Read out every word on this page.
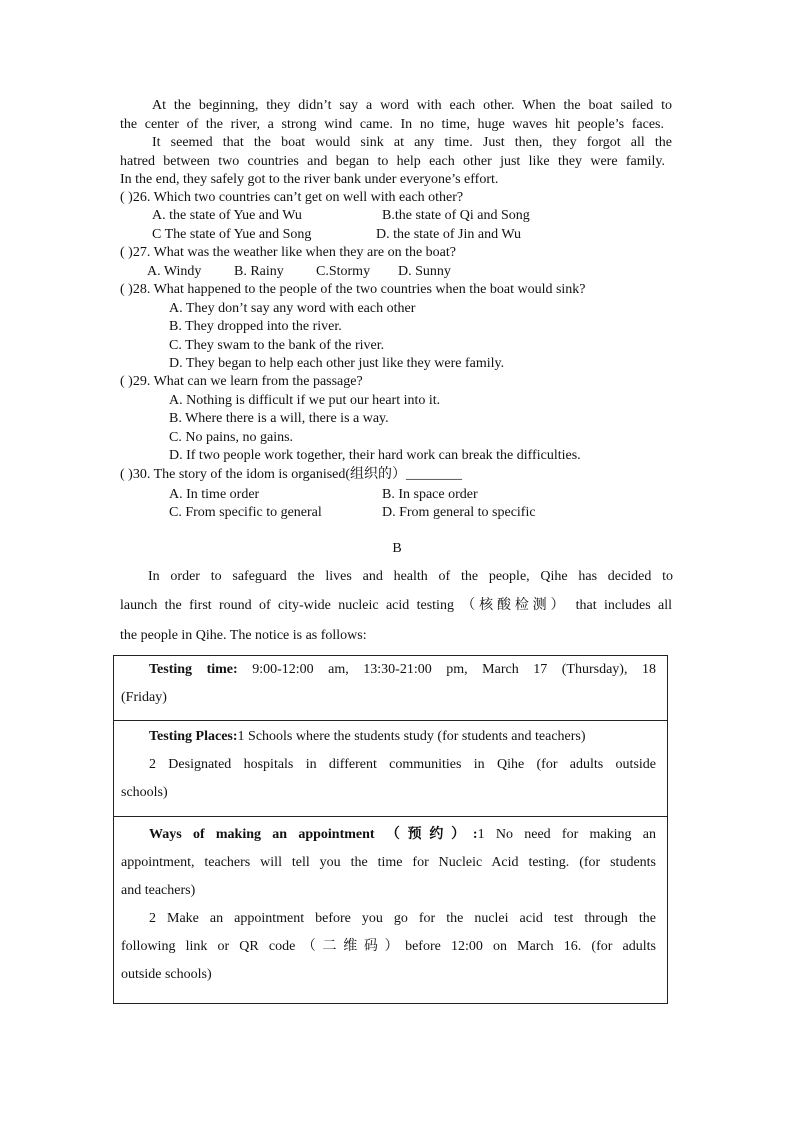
At the beginning, they didn’t say a word with each other. When the boat sailed to
the center of the river, a strong wind came. In no time, huge waves hit people’s faces.
It seemed that the boat would sink at any time. Just then, they forgot all the
hatred between two countries and began to help each other just like they were family.
In the end, they safely got to the river bank under everyone’s effort.
( )26. Which two countries can’t get on well with each other?
A. the state of Yue and Wu	B.the state of Qi and Song
C The state of Yue and Song	D. the state of Jin and Wu
( )27. What was the weather like when they are on the boat?
A. Windy B. Rainy C.Stormy D. Sunny
( )28. What happened to the people of the two countries when the boat would sink?
A. They don’t say any word with each other
B. They dropped into the river.
C. They swam to the bank of the river.
D. They began to help each other just like they were family.
( )29. What can we learn from the passage?
A. Nothing is difficult if we put our heart into it.
B. Where there is a will, there is a way.
C. No pains, no gains.
D. If two people work together, their hard work can break the difficulties.
( )30. The story of the idom is organised(组织的）________
A. In time order	B. In space order
C. From specific to general	D. From general to specific
B
In order to safeguard the lives and health of the people, Qihe has decided to
launch the first round of city-wide nucleic acid testing （核酸检测） that includes all
the people in Qihe. The notice is as follows:
Testing time: 9:00-12:00 am, 13:30-21:00 pm, March 17 (Thursday), 18
(Friday)
Testing Places:1 Schools where the students study (for students and teachers)
2 Designated hospitals in different communities in Qihe (for adults outside
schools)
Ways of making an appointment （预约）:1 No need for making an
appointment, teachers will tell you the time for Nucleic Acid testing. (for students
and teachers)
2 Make an appointment before you go for the nuclei acid test through the
following link or QR code（二维码）before 12:00 on March 16. (for adults
outside schools)
